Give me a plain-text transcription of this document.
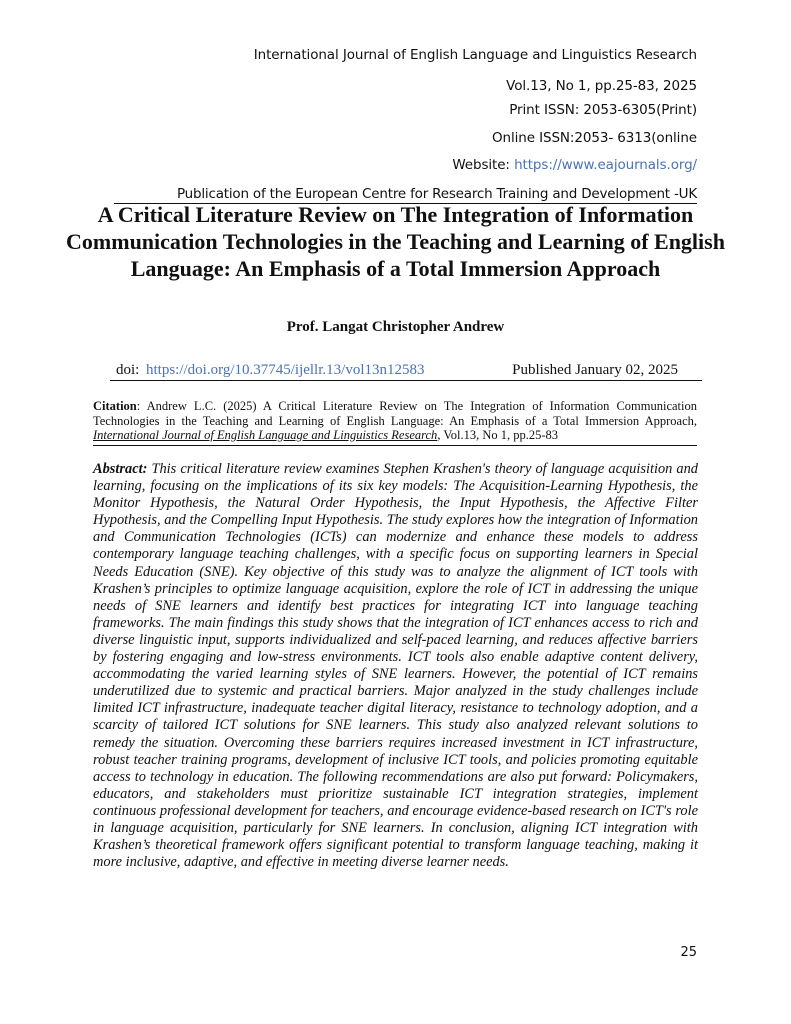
International Journal of English Language and Linguistics Research
Vol.13, No 1, pp.25-83, 2025
Print ISSN: 2053-6305(Print)
Online ISSN:2053- 6313(online
Website: https://www.eajournals.org/
Publication of the European Centre for Research Training and Development -UK
A Critical Literature Review on The Integration of Information Communication Technologies in the Teaching and Learning of English Language: An Emphasis of a Total Immersion Approach
Prof. Langat Christopher Andrew
doi: https://doi.org/10.37745/ijellr.13/vol13n12583	Published January 02, 2025
Citation: Andrew L.C. (2025) A Critical Literature Review on The Integration of Information Communication Technologies in the Teaching and Learning of English Language: An Emphasis of a Total Immersion Approach, International Journal of English Language and Linguistics Research, Vol.13, No 1, pp.25-83
Abstract: This critical literature review examines Stephen Krashen's theory of language acquisition and learning, focusing on the implications of its six key models: The Acquisition-Learning Hypothesis, the Monitor Hypothesis, the Natural Order Hypothesis, the Input Hypothesis, the Affective Filter Hypothesis, and the Compelling Input Hypothesis. The study explores how the integration of Information and Communication Technologies (ICTs) can modernize and enhance these models to address contemporary language teaching challenges, with a specific focus on supporting learners in Special Needs Education (SNE). Key objective of this study was to analyze the alignment of ICT tools with Krashen’s principles to optimize language acquisition, explore the role of ICT in addressing the unique needs of SNE learners and identify best practices for integrating ICT into language teaching frameworks. The main findings this study shows that the integration of ICT enhances access to rich and diverse linguistic input, supports individualized and self-paced learning, and reduces affective barriers by fostering engaging and low-stress environments. ICT tools also enable adaptive content delivery, accommodating the varied learning styles of SNE learners. However, the potential of ICT remains underutilized due to systemic and practical barriers. Major analyzed in the study challenges include limited ICT infrastructure, inadequate teacher digital literacy, resistance to technology adoption, and a scarcity of tailored ICT solutions for SNE learners. This study also analyzed relevant solutions to remedy the situation. Overcoming these barriers requires increased investment in ICT infrastructure, robust teacher training programs, development of inclusive ICT tools, and policies promoting equitable access to technology in education. The following recommendations are also put forward: Policymakers, educators, and stakeholders must prioritize sustainable ICT integration strategies, implement continuous professional development for teachers, and encourage evidence-based research on ICT's role in language acquisition, particularly for SNE learners. In conclusion, aligning ICT integration with Krashen’s theoretical framework offers significant potential to transform language teaching, making it more inclusive, adaptive, and effective in meeting diverse learner needs.
25
